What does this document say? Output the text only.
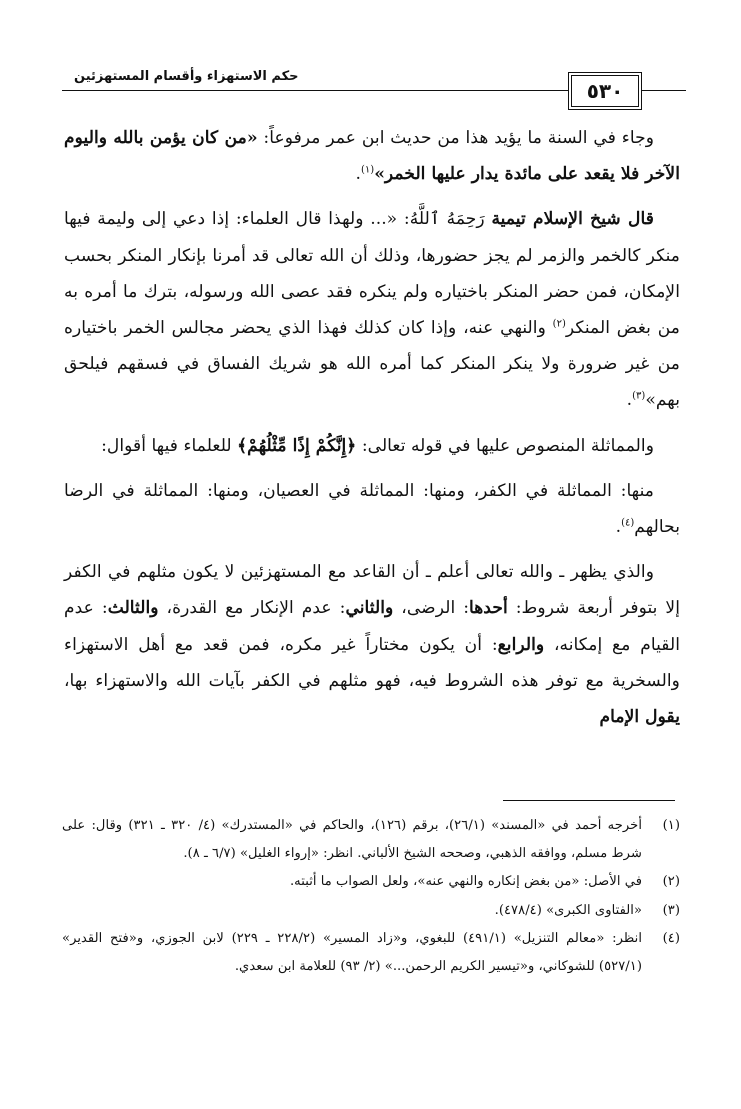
٥٣٠
حكم الاستهزاء وأقسام المستهزئين

وجاء في السنة ما يؤيد هذا من حديث ابن عمر مرفوعاً: «من كان يؤمن بالله واليوم الآخر فلا يقعد على مائدة يدار عليها الخمر»$^{(١)}$.

قال شيخ الإسلام تيمية رَحِمَهُ ٱللَّهُ: «... ولهذا قال العلماء: إذا دعي إلى وليمة فيها منكر كالخمر والزمر لم يجز حضورها، وذلك أن الله تعالى قد أمرنا بإنكار المنكر بحسب الإمكان، فمن حضر المنكر باختياره ولم ينكره فقد عصى الله ورسوله، بترك ما أمره به من بغض المنكر$^{(٢)}$ والنهي عنه، وإذا كان كذلك فهذا الذي يحضر مجالس الخمر باختياره من غير ضرورة ولا ينكر المنكر كما أمره الله هو شريك الفساق في فسقهم فيلحق بهم»$^{(٣)}$.

والمماثلة المنصوص عليها في قوله تعالى: ﴿إِنَّكُمْ إِذًا مِّثْلُهُمْ﴾ للعلماء فيها أقوال:

منها: المماثلة في الكفر، ومنها: المماثلة في العصيان، ومنها: المماثلة في الرضا بحالهم$^{(٤)}$.

والذي يظهر ـ والله تعالى أعلم ـ أن القاعد مع المستهزئين لا يكون مثلهم في الكفر إلا بتوفر أربعة شروط: أحدها: الرضى، والثاني: عدم الإنكار مع القدرة، والثالث: عدم القيام مع إمكانه، والرابع: أن يكون مختاراً غير مكره، فمن قعد مع أهل الاستهزاء والسخرية مع توفر هذه الشروط فيه، فهو مثلهم في الكفر بآيات الله والاستهزاء بها، يقول الإمام

(١)
أخرجه أحمد في «المسند» (٢٦/١)، برقم (١٢٦)، والحاكم في «المستدرك» (٤/ ٣٢٠ ـ ٣٢١) وقال: على شرط مسلم، ووافقه الذهبي، وصححه الشيخ الألباني. انظر: «إرواء الغليل» (٦/٧ ـ ٨).
(٢)
في الأصل: «من بغض إنكاره والنهي عنه»، ولعل الصواب ما أثبته.
(٣)
«الفتاوى الكبرى» (٤٧٨/٤).
(٤)
انظر: «معالم التنزيل» (٤٩١/١) للبغوي، و«زاد المسير» (٢٢٨/٢ ـ ٢٢٩) لابن الجوزي، و«فتح القدير» (٥٢٧/١) للشوكاني، و«تيسير الكريم الرحمن...» (٢/ ٩٣) للعلامة ابن سعدي.
